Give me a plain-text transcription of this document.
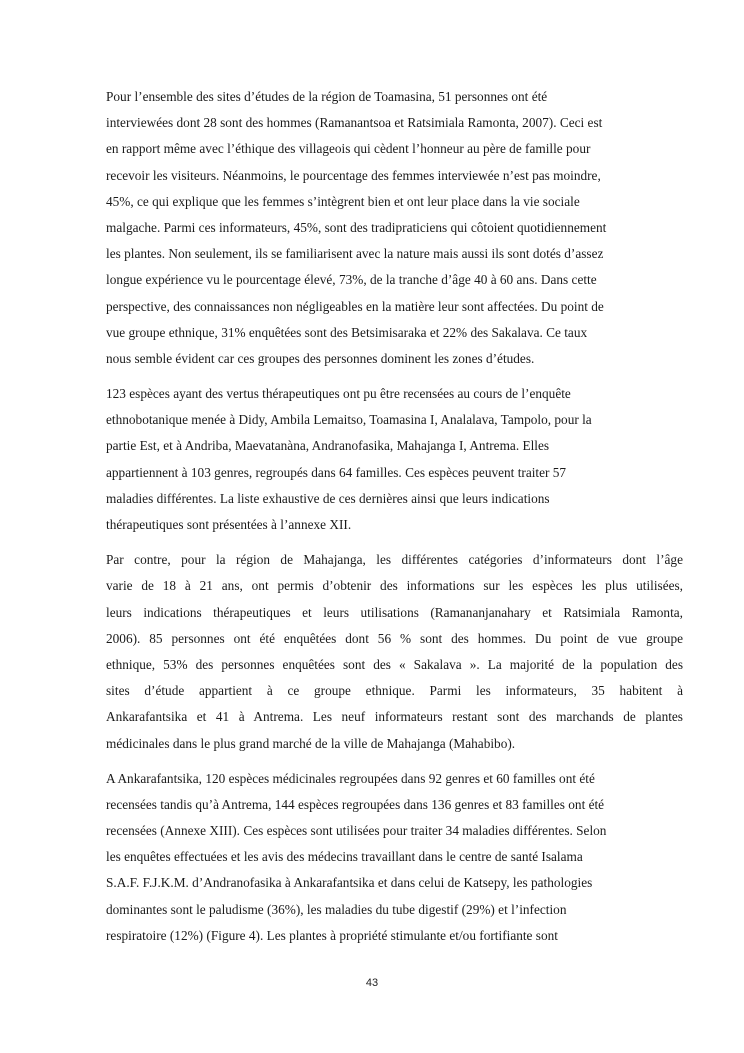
Pour l’ensemble des sites d’études de la région de Toamasina, 51 personnes ont été
interviewées dont 28 sont des hommes (Ramanantsoa et Ratsimiala Ramonta, 2007). Ceci est
en rapport même avec l’éthique des villageois qui cèdent l’honneur au père de famille pour
recevoir les visiteurs. Néanmoins, le pourcentage des femmes interviewée n’est pas moindre,
45%, ce qui explique que les femmes s’intègrent bien et ont leur place dans la vie sociale
malgache. Parmi ces informateurs, 45%, sont des tradipraticiens qui côtoient quotidiennement
les plantes. Non seulement, ils se familiarisent avec la nature mais aussi ils sont dotés d’assez
longue expérience vu le pourcentage élevé, 73%, de la tranche d’âge 40 à 60 ans. Dans cette
perspective, des connaissances non négligeables en la matière leur sont affectées. Du point de
vue groupe ethnique, 31% enquêtées sont des Betsimisaraka et 22% des Sakalava. Ce taux
nous semble évident car ces groupes des personnes dominent les zones d’études.
123 espèces ayant des vertus thérapeutiques ont pu être recensées au cours de l’enquête
ethnobotanique menée à Didy, Ambila Lemaitso, Toamasina I, Analalava, Tampolo, pour la
partie Est, et à Andriba, Maevatanàna, Andranofasika, Mahajanga I, Antrema. Elles
appartiennent à 103 genres, regroupés dans 64 familles. Ces espèces peuvent traiter 57
maladies différentes. La liste exhaustive de ces dernières ainsi que leurs indications
thérapeutiques sont présentées à l’annexe XII.
Par contre, pour la région de Mahajanga, les différentes catégories d’informateurs dont l’âge
varie de 18 à 21 ans, ont permis d’obtenir des informations sur les espèces les plus utilisées,
leurs indications thérapeutiques et leurs utilisations (Ramananjanahary et Ratsimiala Ramonta,
2006). 85 personnes ont été enquêtées dont 56 % sont des hommes. Du point de vue groupe
ethnique, 53% des personnes enquêtées sont des « Sakalava ». La majorité de la population des
sites d’étude appartient à ce groupe ethnique. Parmi les informateurs, 35 habitent à
Ankarafantsika et 41 à Antrema. Les neuf informateurs restant sont des marchands de plantes
médicinales dans le plus grand marché de la ville de Mahajanga (Mahabibo).
A Ankarafantsika, 120 espèces médicinales regroupées dans 92 genres et 60 familles ont été
recensées tandis qu’à Antrema, 144 espèces regroupées dans 136 genres et 83 familles ont été
recensées (Annexe XIII). Ces espèces sont utilisées pour traiter 34 maladies différentes. Selon
les enquêtes effectuées et les avis des médecins travaillant dans le centre de santé Isalama
S.A.F. F.J.K.M. d’Andranofasika à Ankarafantsika et dans celui de Katsepy, les pathologies
dominantes sont le paludisme (36%), les maladies du tube digestif (29%) et l’infection
respiratoire (12%) (Figure 4). Les plantes à propriété stimulante et/ou fortifiante sont
43
